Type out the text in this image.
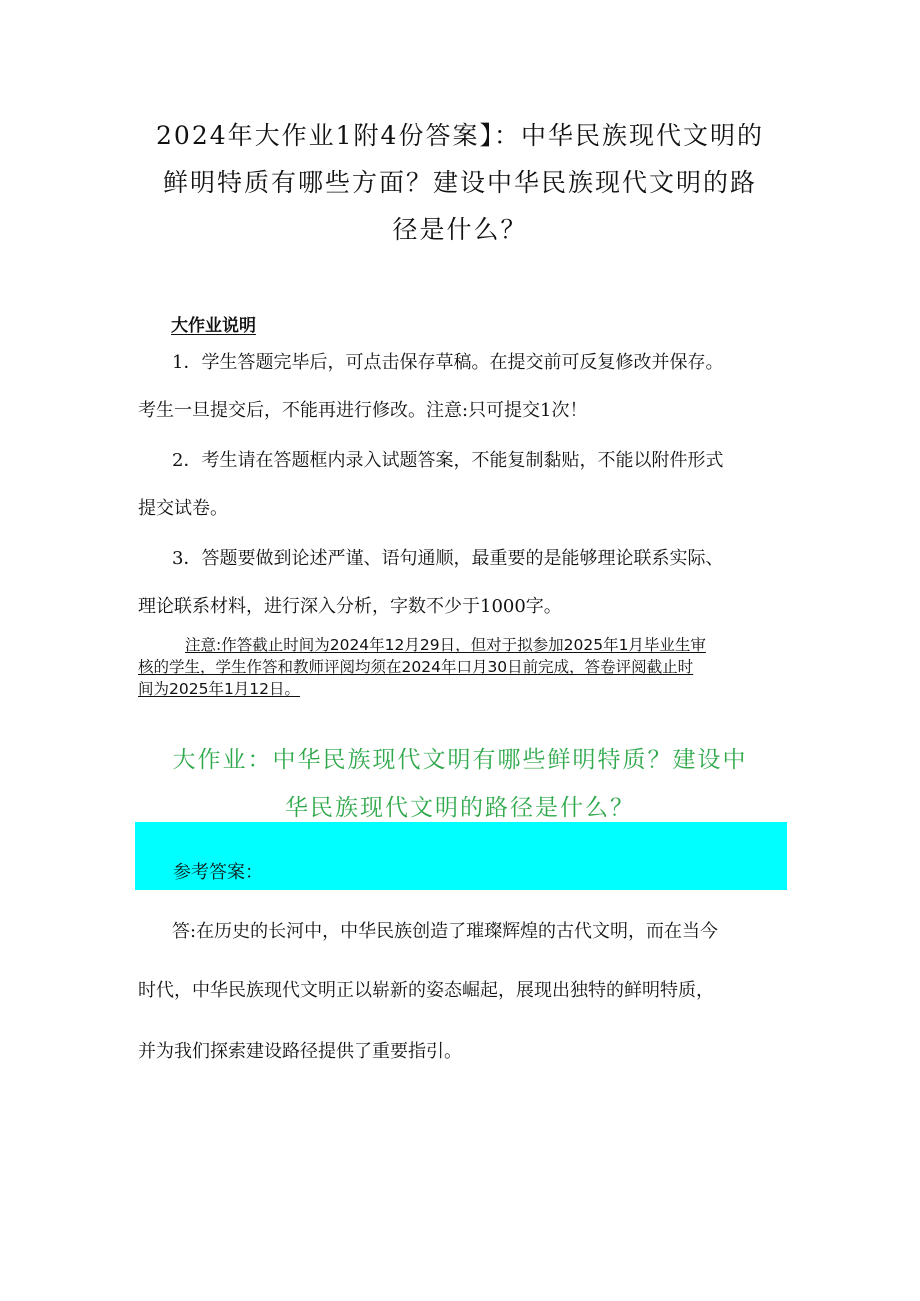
2024年大作业1附4份答案】：中华民族现代文明的
鲜明特质有哪些方面？建设中华民族现代文明的路
径是什么？
大作业说明
1．学生答题完毕后，可点击保存草稿。在提交前可反复修改并保存。
考生一旦提交后，不能再进行修改。注意:只可提交1次！
2．考生请在答题框内录入试题答案，不能复制黏贴，不能以附件形式
提交试卷。
3．答题要做到论述严谨、语句通顺，最重要的是能够理论联系实际、
理论联系材料，进行深入分析，字数不少于1000字。
注意:作答截止时间为2024年12月29日，但对于拟参加2025年1月毕业生审
核的学生，学生作答和教师评阅均须在2024年口月30日前完成，答卷评阅截止时
间为2025年1月12日。
大作业：中华民族现代文明有哪些鲜明特质？建设中
华民族现代文明的路径是什么？
参考答案：
答:在历史的长河中，中华民族创造了璀璨辉煌的古代文明，而在当今
时代，中华民族现代文明正以崭新的姿态崛起，展现出独特的鲜明特质，
并为我们探索建设路径提供了重要指引。
